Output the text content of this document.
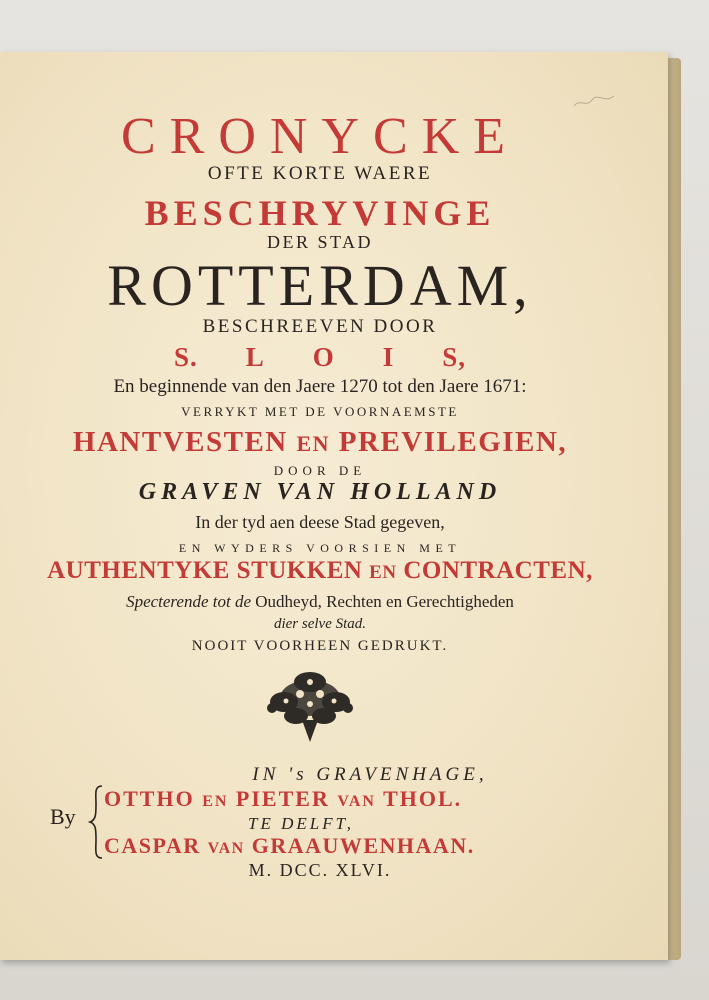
CRONYCKE
OFTE KORTE WAERE
BESCHRYVINGE
DER STAD
ROTTERDAM,
BESCHREEVEN DOOR
S. L O I S,
En beginnende van den Jaere 1270 tot den Jaere 1671:
VERRYKT MET DE VOORNAEMSTE
HANTVESTEN EN PREVILEGIEN,
DOOR DE
GRAVEN VAN HOLLAND
In der tyd aen deese Stad gegeven,
EN WYDERS VOORSIEN MET
AUTHENTYKE STUKKEN EN CONTRACTEN,
Specterende tot de Oudheyd, Rechten en Gerechtigheden
dier selve Stad.
NOOIT VOORHEEN GEDRUKT.
IN 's GRAVENHAGE,
By
OTTHO EN PIETER VAN THOL.
TE DELFT,
CASPAR VAN GRAAUWENHAAN.
M. DCC. XLVI.
